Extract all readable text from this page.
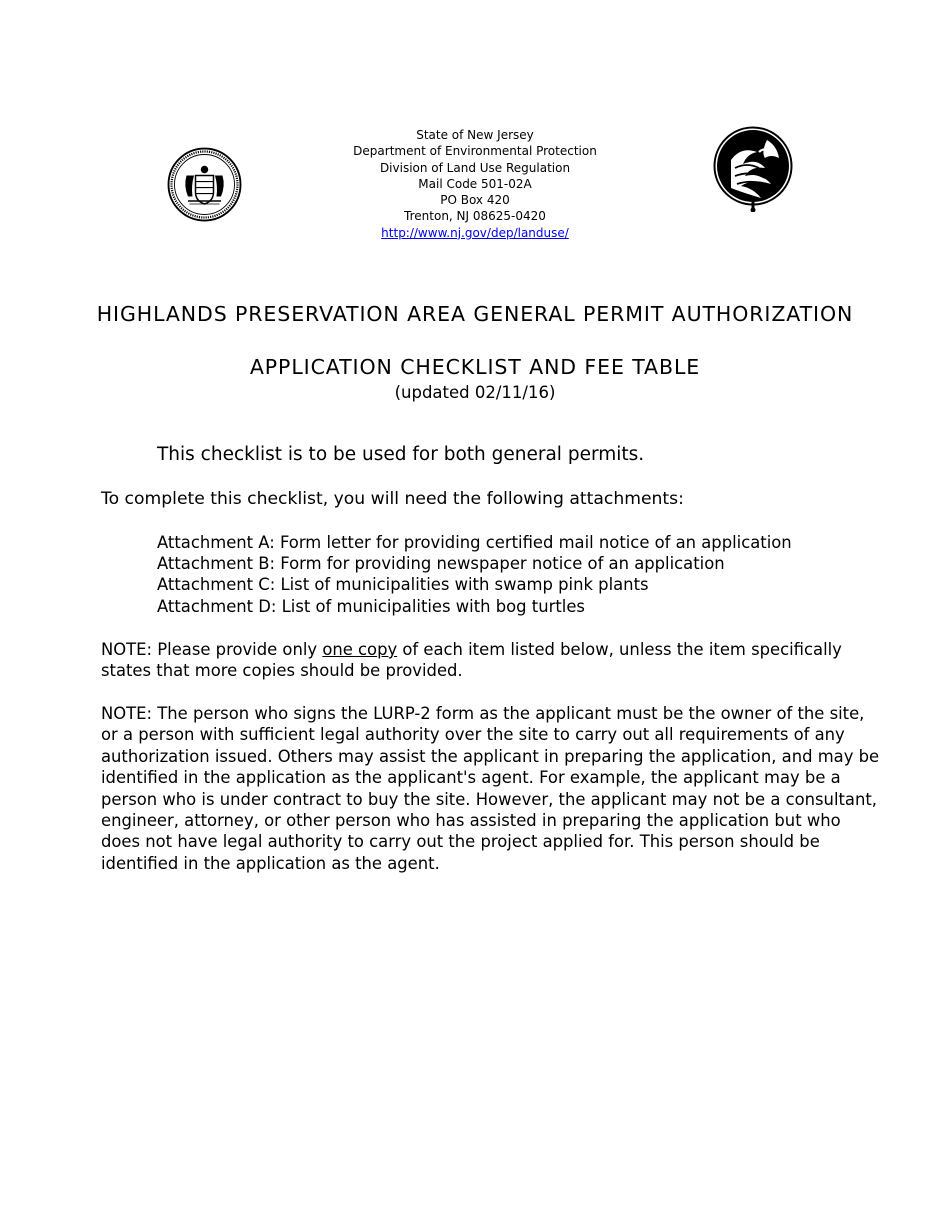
State of New Jersey
Department of Environmental Protection
Division of Land Use Regulation
Mail Code 501-02A
PO Box 420
Trenton, NJ 08625-0420
http://www.nj.gov/dep/landuse/
HIGHLANDS PRESERVATION AREA GENERAL PERMIT AUTHORIZATION
APPLICATION CHECKLIST AND FEE TABLE
(updated 02/11/16)
This checklist is to be used for both general permits.
To complete this checklist, you will need the following attachments:
Attachment A: Form letter for providing certified mail notice of an application
Attachment B: Form for providing newspaper notice of an application
Attachment C: List of municipalities with swamp pink plants
Attachment D: List of municipalities with bog turtles
NOTE: Please provide only one copy of each item listed below, unless the item specifically states that more copies should be provided.
NOTE: The person who signs the LURP-2 form as the applicant must be the owner of the site, or a person with sufficient legal authority over the site to carry out all requirements of any authorization issued. Others may assist the applicant in preparing the application, and may be identified in the application as the applicant's agent. For example, the applicant may be a person who is under contract to buy the site. However, the applicant may not be a consultant, engineer, attorney, or other person who has assisted in preparing the application but who does not have legal authority to carry out the project applied for. This person should be identified in the application as the agent.
